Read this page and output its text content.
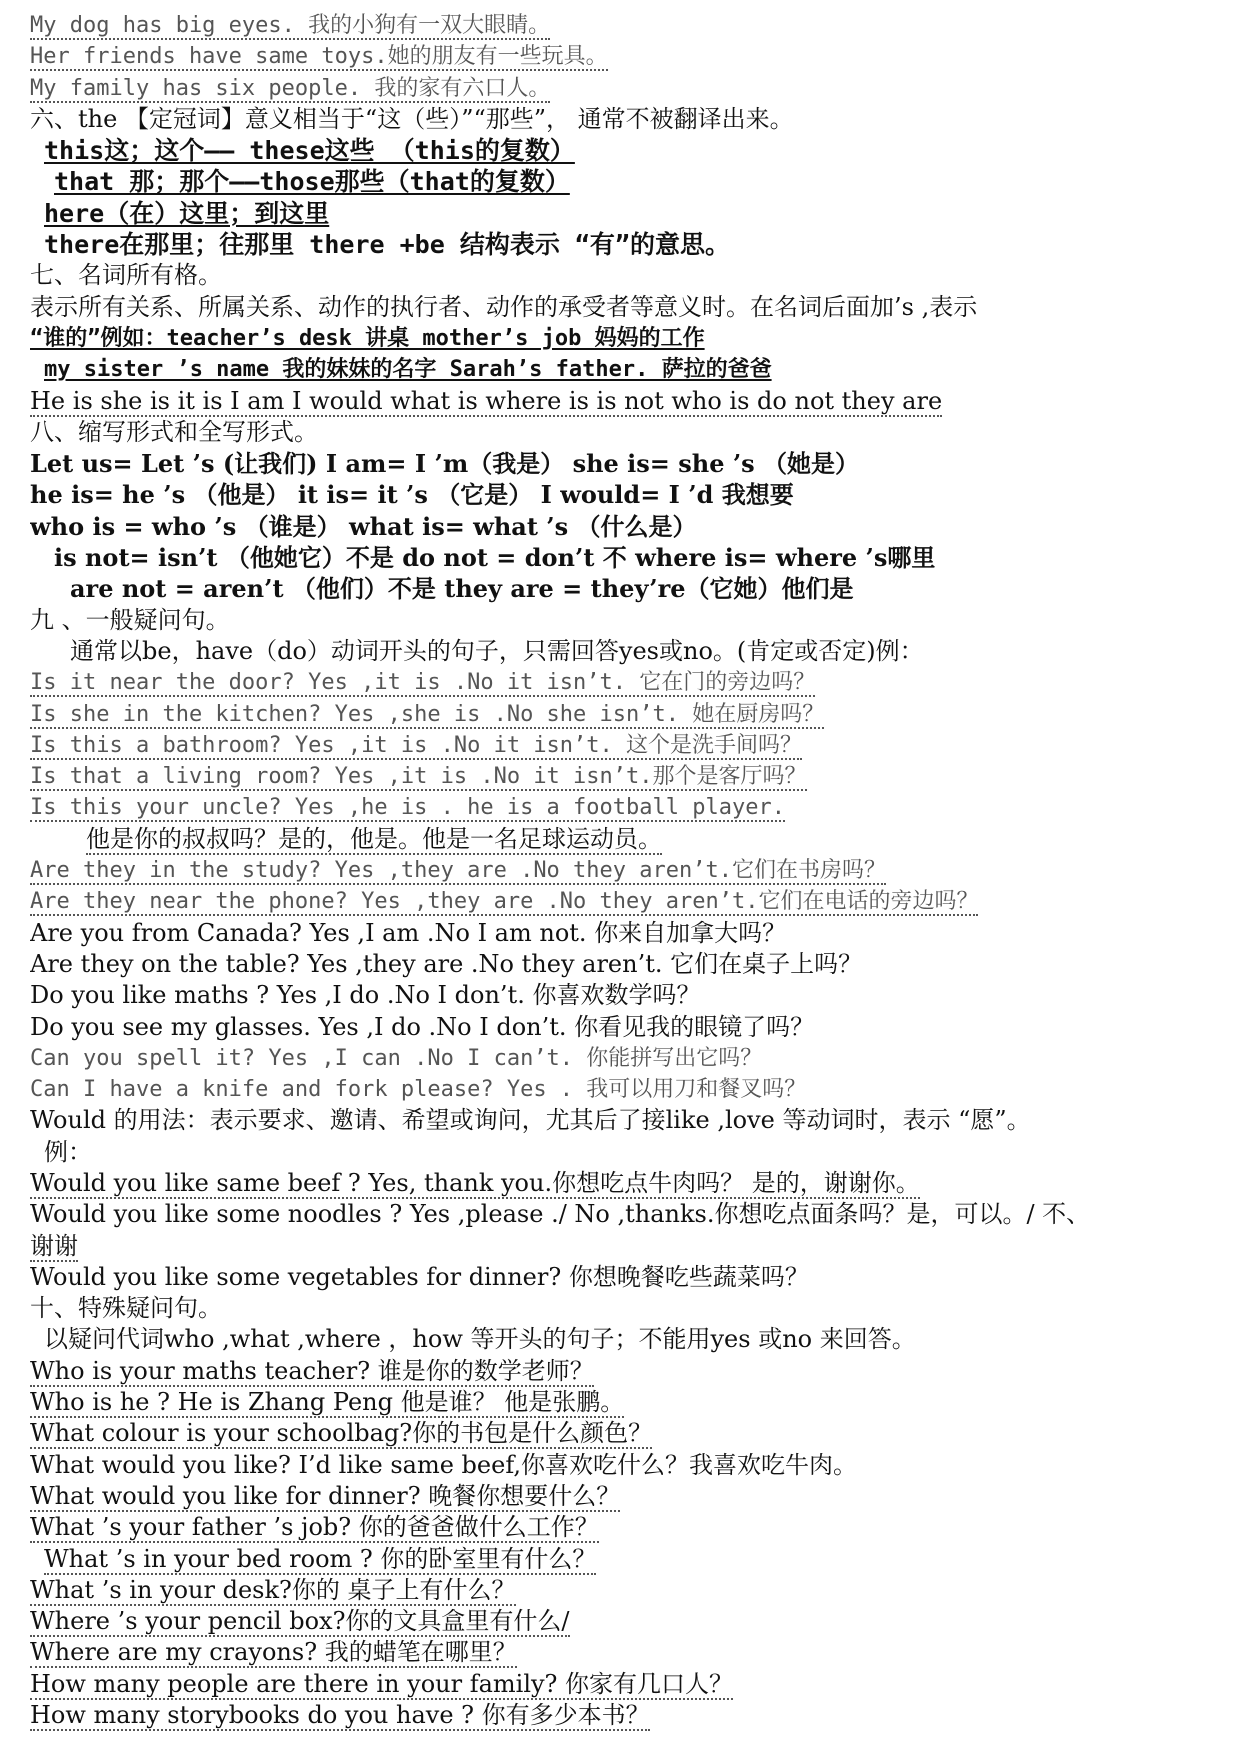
My dog has big eyes. 我的小狗有一双大眼睛。
Her friends have same toys.她的朋友有一些玩具。
My family has six people. 我的家有六口人。
六、the 【定冠词】意义相当于“这（些）”“那些”， 通常不被翻译出来。
this这；这个—— these这些 （this的复数）
that 那；那个——those那些（that的复数）
here（在）这里；到这里
there在那里；往那里 there +be 结构表示 “有”的意思。
七、名词所有格。
表示所有关系、所属关系、动作的执行者、动作的承受者等意义时。在名词后面加’s ,表示
“谁的”例如：teacher’s desk 讲桌 mother’s job 妈妈的工作
my sister ’s name 我的妹妹的名字 Sarah’s father. 萨拉的爸爸
He is she is it is I am I would what is where is is not who is do not they are
八、缩写形式和全写形式。
Let us= Let ’s (让我们) I am= I ’m（我是） she is= she ’s （她是）
he is= he ’s （他是） it is= it ’s （它是） I would= I ’d 我想要
who is = who ’s （谁是） what is= what ’s （什么是）
is not= isn’t （他她它）不是 do not = don’t 不 where is= where ’s哪里
are not = aren’t （他们）不是 they are = they’re（它她）他们是
九 、一般疑问句。
通常以be，have（do）动词开头的句子，只需回答yes或no。(肯定或否定)例：
Is it near the door? Yes ,it is .No it isn’t. 它在门的旁边吗？
Is she in the kitchen? Yes ,she is .No she isn’t. 她在厨房吗？
Is this a bathroom? Yes ,it is .No it isn’t. 这个是洗手间吗？
Is that a living room? Yes ,it is .No it isn’t.那个是客厅吗？
Is this your uncle? Yes ,he is . he is a football player.
他是你的叔叔吗？是的，他是。他是一名足球运动员。
Are they in the study? Yes ,they are .No they aren’t.它们在书房吗？
Are they near the phone? Yes ,they are .No they aren’t.它们在电话的旁边吗？
Are you from Canada? Yes ,I am .No I am not. 你来自加拿大吗？
Are they on the table? Yes ,they are .No they aren’t. 它们在桌子上吗？
Do you like maths ? Yes ,I do .No I don’t. 你喜欢数学吗？
Do you see my glasses. Yes ,I do .No I don’t. 你看见我的眼镜了吗？
Can you spell it? Yes ,I can .No I can’t. 你能拼写出它吗？
Can I have a knife and fork please? Yes . 我可以用刀和餐叉吗？
Would 的用法：表示要求、邀请、希望或询问，尤其后了接like ,love 等动词时，表示 “愿”。
例：
Would you like same beef ? Yes, thank you.你想吃点牛肉吗？ 是的，谢谢你。
Would you like some noodles ? Yes ,please ./ No ,thanks.你想吃点面条吗？是，可以。/ 不、
谢谢
Would you like some vegetables for dinner? 你想晚餐吃些蔬菜吗？
十、特殊疑问句。
以疑问代词who ,what ,where ，how 等开头的句子；不能用yes 或no 来回答。
Who is your maths teacher? 谁是你的数学老师？
Who is he ? He is Zhang Peng 他是谁？ 他是张鹏。
What colour is your schoolbag?你的书包是什么颜色？
What would you like? I’d like same beef,你喜欢吃什么？我喜欢吃牛肉。
What would you like for dinner? 晚餐你想要什么？
What ’s your father ’s job? 你的爸爸做什么工作？
What ’s in your bed room ? 你的卧室里有什么？
What ’s in your desk?你的 桌子上有什么？
Where ’s your pencil box?你的文具盒里有什么/
Where are my crayons? 我的蜡笔在哪里？
How many people are there in your family? 你家有几口人？
How many storybooks do you have ? 你有多少本书？
